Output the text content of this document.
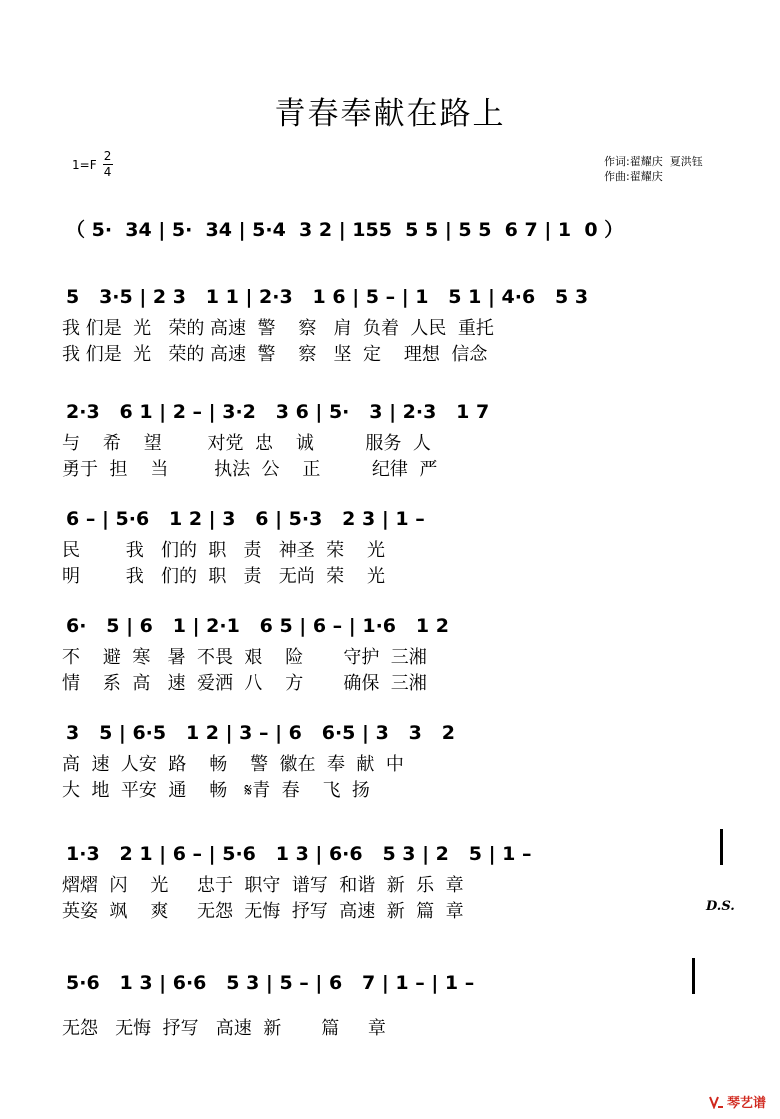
青春奉献在路上
1=F
2
4
作词:翟耀庆  夏洪钰
作曲:翟耀庆
（ 5·  34 | 5·  34 | 5·4  3 2 | 155  5 5 | 5 5  6 7 | 1  0 ）
5   3·5 | 2 3   1 1 | 2·3   1 6 | 5 – | 1   5 1 | 4·6   5 3
我 们是  光   荣的 高速  警    察   肩  负着  人民  重托
我 们是  光   荣的 高速  警    察   坚  定    理想  信念
2·3   6 1 | 2 – | 3·2   3 6 | 5·   3 | 2·3   1 7
与    希    望        对党  忠    诚         服务  人
勇于  担    当        执法  公    正         纪律  严
6 – | 5·6   1 2 | 3   6 | 5·3   2 3 | 1 –
民        我   们的  职   责   神圣  荣    光
明        我   们的  职   责   无尚  荣    光
6·   5 | 6   1 | 2·1   6 5 | 6 – | 1·6   1 2
不    避  寒   暑  不畏  艰    险       守护  三湘
情    系  高   速  爱洒  八    方       确保  三湘
3   5 | 6·5   1 2 | 3 – | 6   6·5 | 3   3   2
高  速  人安  路    畅    警  徽在  奉  献  中
大  地  平安  通    畅   𝄋青  春    飞  扬
1·3   2 1 | 6 – | 5·6   1 3 | 6·6   5 3 | 2   5 | 1 –
熠熠  闪    光     忠于  职守  谱写  和谐  新  乐  章
英姿  飒    爽     无怨  无悔  抒写  高速  新  篇  章	D.S.
5·6   1 3 | 6·6   5 3 | 5 – | 6   7 | 1 – | 1 –
无怨   无悔  抒写   高速  新       篇     章
琴艺谱
